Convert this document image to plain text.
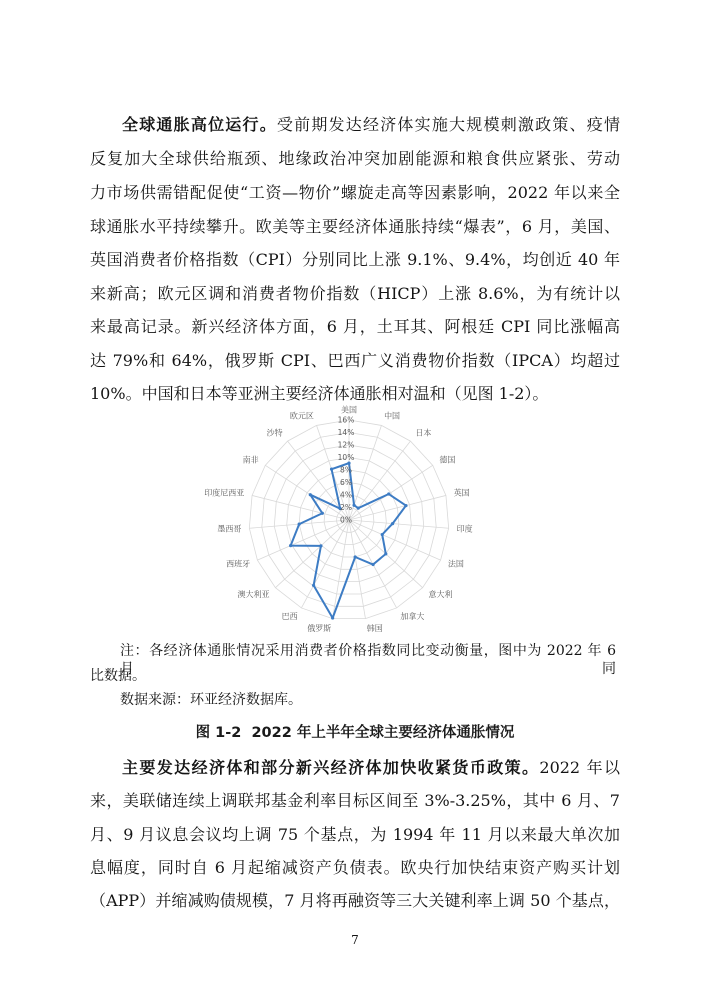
全球通胀高位运行。受前期发达经济体实施大规模刺激政策、疫情
反复加大全球供给瓶颈、地缘政治冲突加剧能源和粮食供应紧张、劳动
力市场供需错配促使“工资—物价”螺旋走高等因素影响，2022 年以来全
球通胀水平持续攀升。欧美等主要经济体通胀持续“爆表”，6 月，美国、
英国消费者价格指数（CPI）分别同比上涨 9.1%、9.4%，均创近 40 年
来新高；欧元区调和消费者物价指数（HICP）上涨 8.6%，为有统计以
来最高记录。新兴经济体方面，6 月，土耳其、阿根廷 CPI 同比涨幅高
达 79%和 64%，俄罗斯 CPI、巴西广义消费物价指数（IPCA）均超过
10%。中国和日本等亚洲主要经济体通胀相对温和（见图 1-2）。
0%
2%
4%
6%
8%
10%
12%
14%
16%
美国
中国
日本
德国
英国
印度
法国
意大利
加拿大
韩国
俄罗斯
巴西
澳大利亚
西班牙
墨西哥
印度尼西亚
南非
沙特
欧元区
注：各经济体通胀情况采用消费者价格指数同比变动衡量，图中为 2022 年 6 月同
比数据。
数据来源：环亚经济数据库。
图 1-2  2022 年上半年全球主要经济体通胀情况
主要发达经济体和部分新兴经济体加快收紧货币政策。2022 年以
来，美联储连续上调联邦基金利率目标区间至 3%-3.25%，其中 6 月、7
月、9 月议息会议均上调 75 个基点，为 1994 年 11 月以来最大单次加
息幅度，同时自 6 月起缩减资产负债表。欧央行加快结束资产购买计划
（APP）并缩减购债规模，7 月将再融资等三大关键利率上调 50 个基点，
7
